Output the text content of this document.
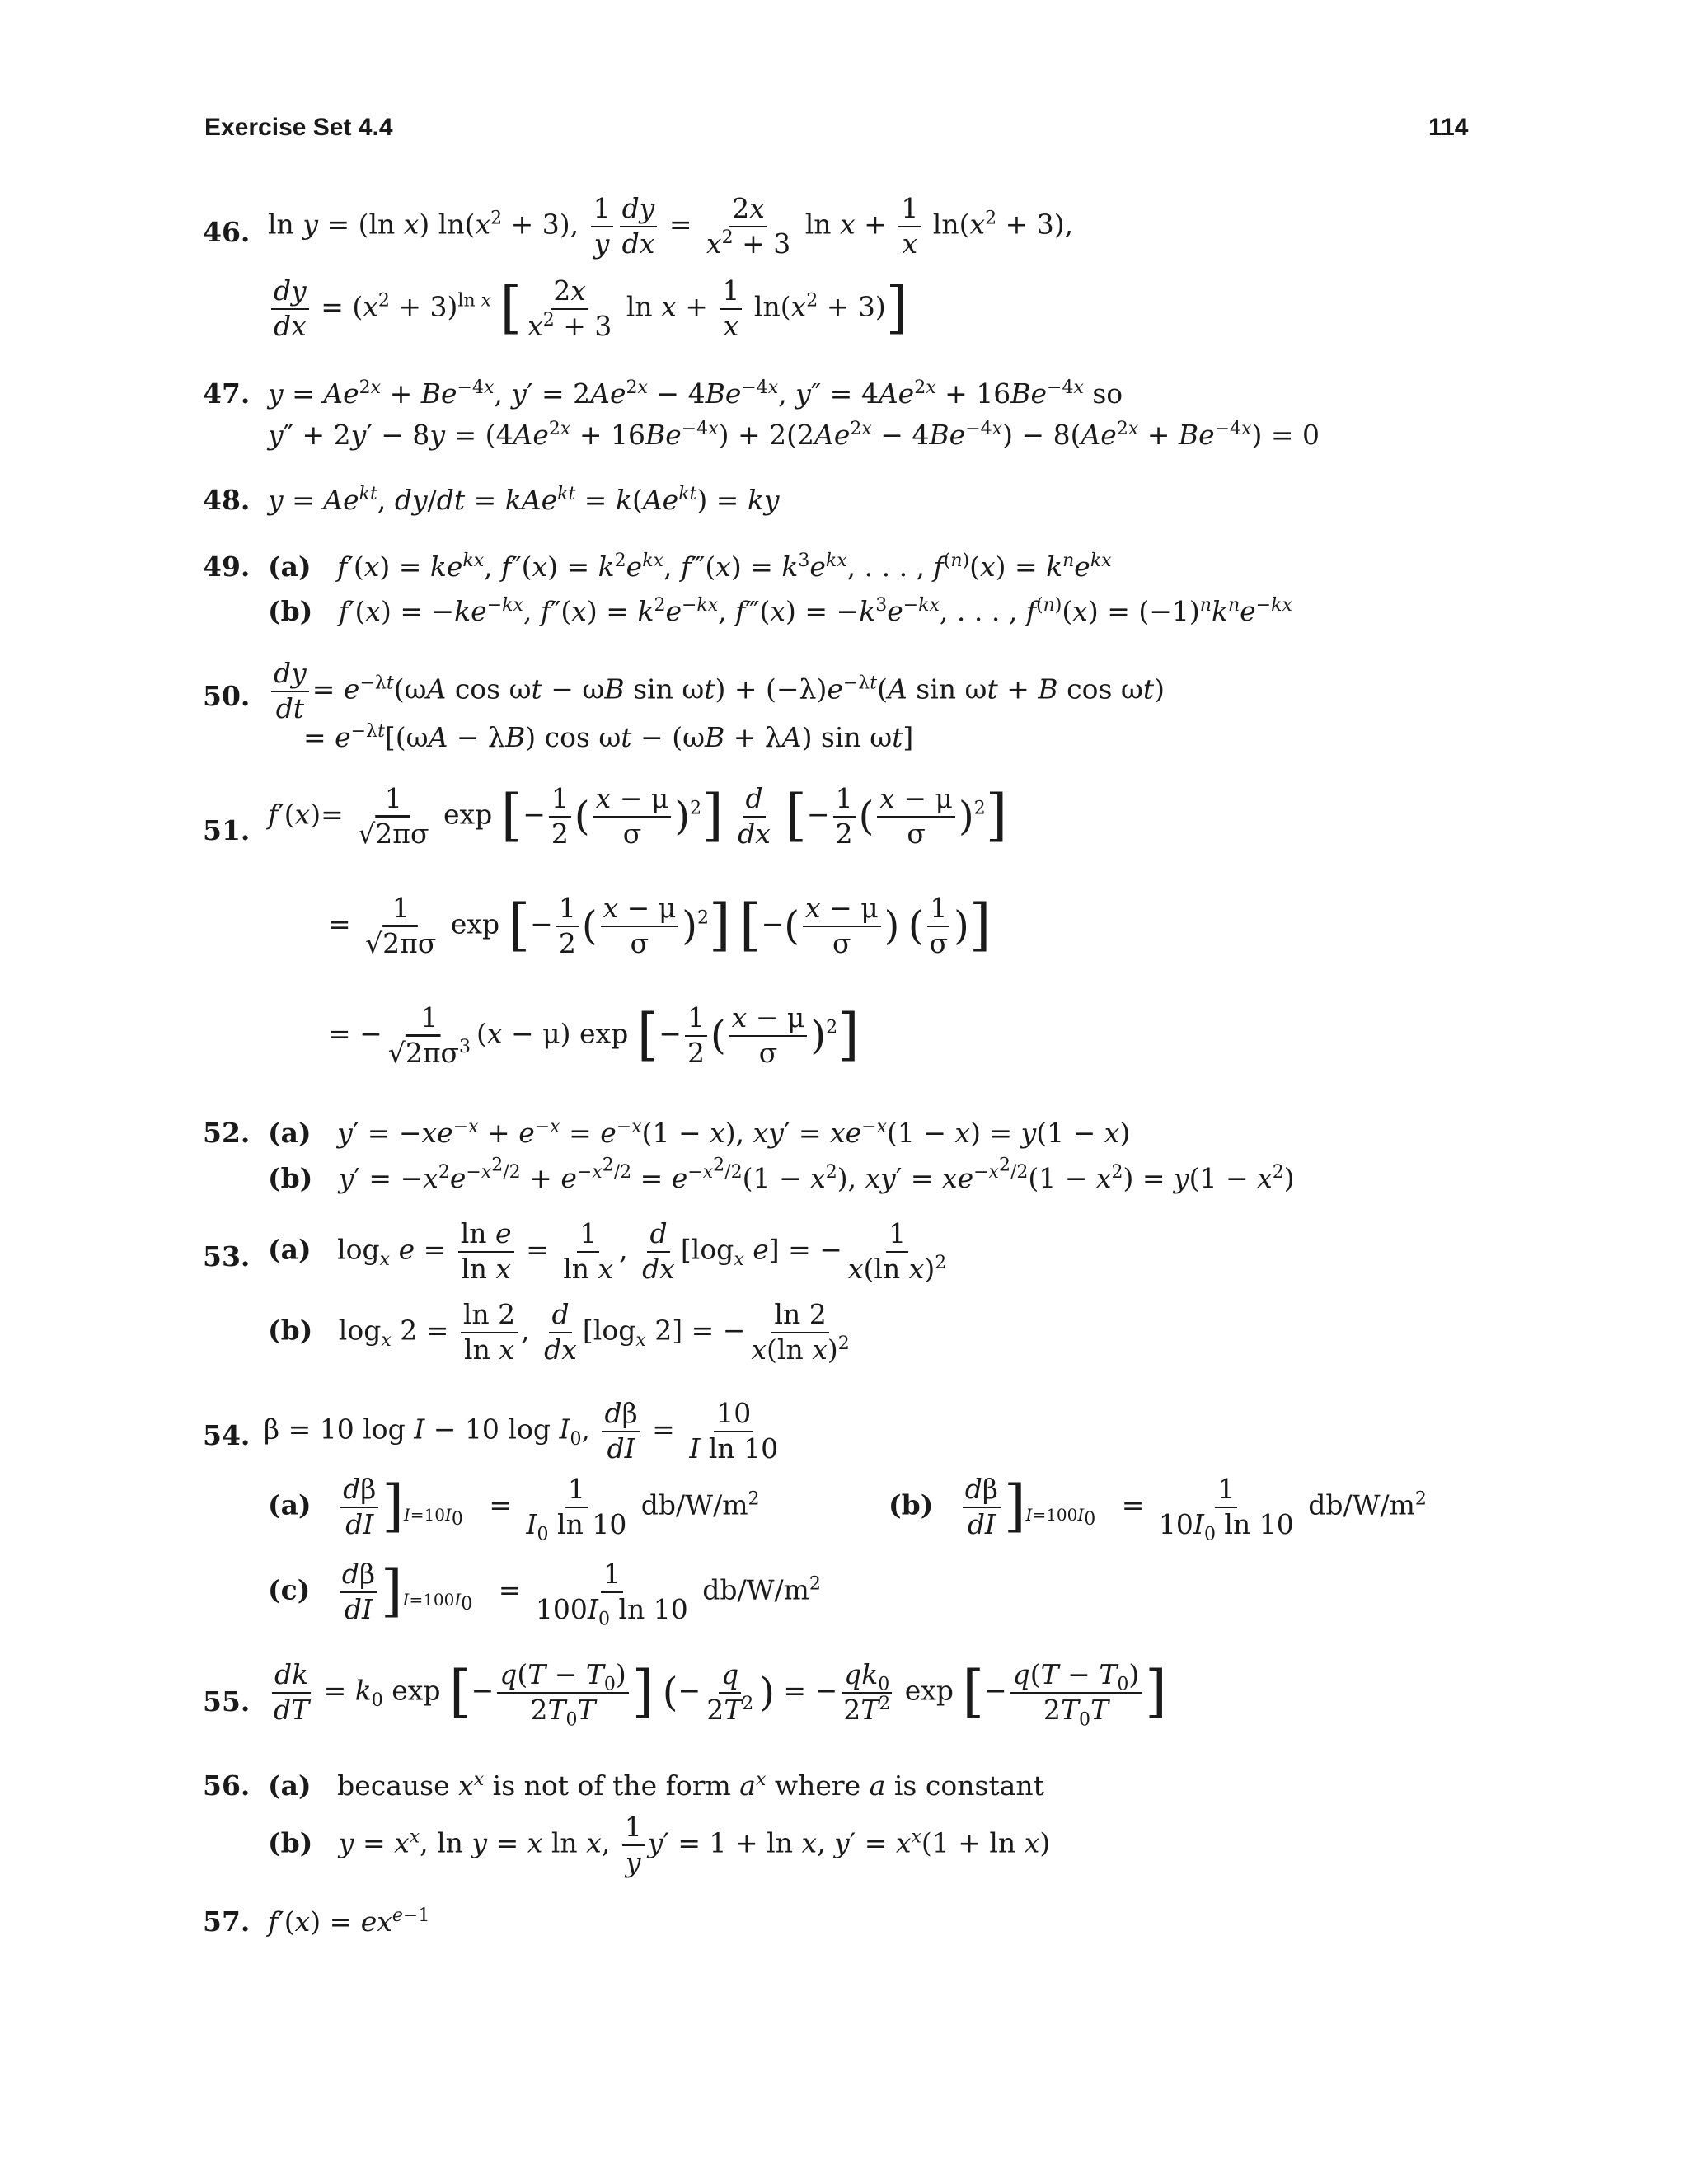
Exercise Set 4.4	114
46. ln y = (ln x) $\ln(x^2 + 3)$, $\frac{1}{y} \frac{dy}{dx} = \frac{2x}{x^2 + 3}$ $\ln x + \frac{1}{x} \ln(x^2 + 3)$,
$\frac{dy}{dx} = (x^2 + 3)^{ln x}$ [ $\frac{2x}{x^2 + 3}$ $\ln x + \frac{1}{x} \ln(x^2 + 3)$]
47. $y = Ae^{2x} + Be^{-4x}$, $y' = 2Ae^{2x} - 4Be^{-4x}$, $y'' = 4Ae^{2x} + 16Be^{-4x}$ so
$y'' + 2y' - 8y = (4Ae^{2x} + 16Be^{-4x}) + 2(2Ae^{2x} - 4Be^{-4x}) - 8(Ae^{2x} + Be^{-4x}) = 0$
48. $y = Ae^{kt}$, $dy/dt = kAe^{kt} = k(Ae^{kt})$ = ky
49. (a) $f'(x) = ke^{kx}$, $f''(x) = k^2e^{kx}$, f‴(x) = $k^3e^{kx}$, . . . , $f^{(n)}(x) = k^ne^{kx}$
(b) $f'(x) = -ke^{-kx}$, $f''(x) = k^2e^{-kx}$, f‴(x) = $-k^3e^{-kx}$, . . . , $f^{(n)}(x) = (-1)^nk^ne^{-kx}$
50. $\frac{dy}{dt} = e^{-\lambda t}(\omega A$ cos ωt − ωB $\sin \omega t) + (-\lambda)e^{-\lambda t}(A$ sin ωt + B cos ωt)
= $e^{-\lambda t}[(\omega A - \lambda B)$ cos ωt − (ωB + λA) sin ωt]
51. $f'(x)= \frac{1}{√2\pi\sigma}$ exp [− $\frac{1}{2}$ ( $\frac{x - \mu}{\sigma} )^2] \frac{d}{dx}$ [− $\frac{1}{2}$ ( $\frac{x - \mu}{\sigma} )^2$]
= $\frac{1}{√2\pi\sigma}$ exp [− $\frac{1}{2}$ ( $\frac{x - \mu}{\sigma} )^2$] [−( $\frac{x - \mu}{\sigma}$ ) ( $\frac{1}{\sigma}$ )]
= − $\frac{1}{√2\pi\sigma^3} (x - \mu)$ exp [− $\frac{1}{2}$ ( $\frac{x - \mu}{\sigma} )^2$]
52. (a) $y' = -xe^{-x} + e^{-x} = e^{-x}(1 - x)$, $xy' = xe^{-x}(1 - x) = y(1 - x)$
(b) $y' = -x^2e^{-x^2/2} + e^{-x^2/2} = e^{-x^2/2}(1 - x^2)$, $xy' = xe^{-x^2/2}(1 - x^2) = y(1 - x^2)$
53. (a)   $\log_x e = \frac{\text{ln e}}{\text{ln x}} = \frac{1}{\text{ln x}}$ , $\frac{d}{dx} [\log_x$ e] = − $\frac{1}{x(\ln x)^2}$
(b)   $\log_x 2 = \frac{\ln 2}{\text{ln x}}$ , $\frac{d}{dx} [\log_x$ 2] = − $\frac{\ln 2}{x(\ln x)^2}$
54. β = 10 log I − 10 $\log I_0$, $\frac{d\beta}{dI} = \frac{10}{\text{I ln 10}}$
$(a) \frac{d\beta}{dI} ]_{I=10I_0} = \frac{1}{I_0 \ln 10} db/W/m^2$	$(b) \frac{d\beta}{dI} ]_{I=100I_0} = \frac{1}{10I_0 \ln 10} db/W/m^2$
$(c) \frac{d\beta}{dI} ]_{I=100I_0} = \frac{1}{100I_0 \ln 10} db/W/m^2$
55. $\frac{dk}{dT} = k_0$ exp [− $\frac{q(T - T_0)}{2T_0T}$ ] (− $\frac{q}{2T^2}$ ) = − $\frac{qk_0}{2T^2}$ exp [− $\frac{q(T - T_0)}{2T_0T}$ ]
56. (a)   because $x^x$ is not of the form $a^x$ where a is constant
(b) $y = x^x$, ln y = x ln x, $\frac{1}{y} y' = 1 + \ln x$, $y' = x^x(1 + \ln x)$
57. $f'(x) = ex^{e-1}$
